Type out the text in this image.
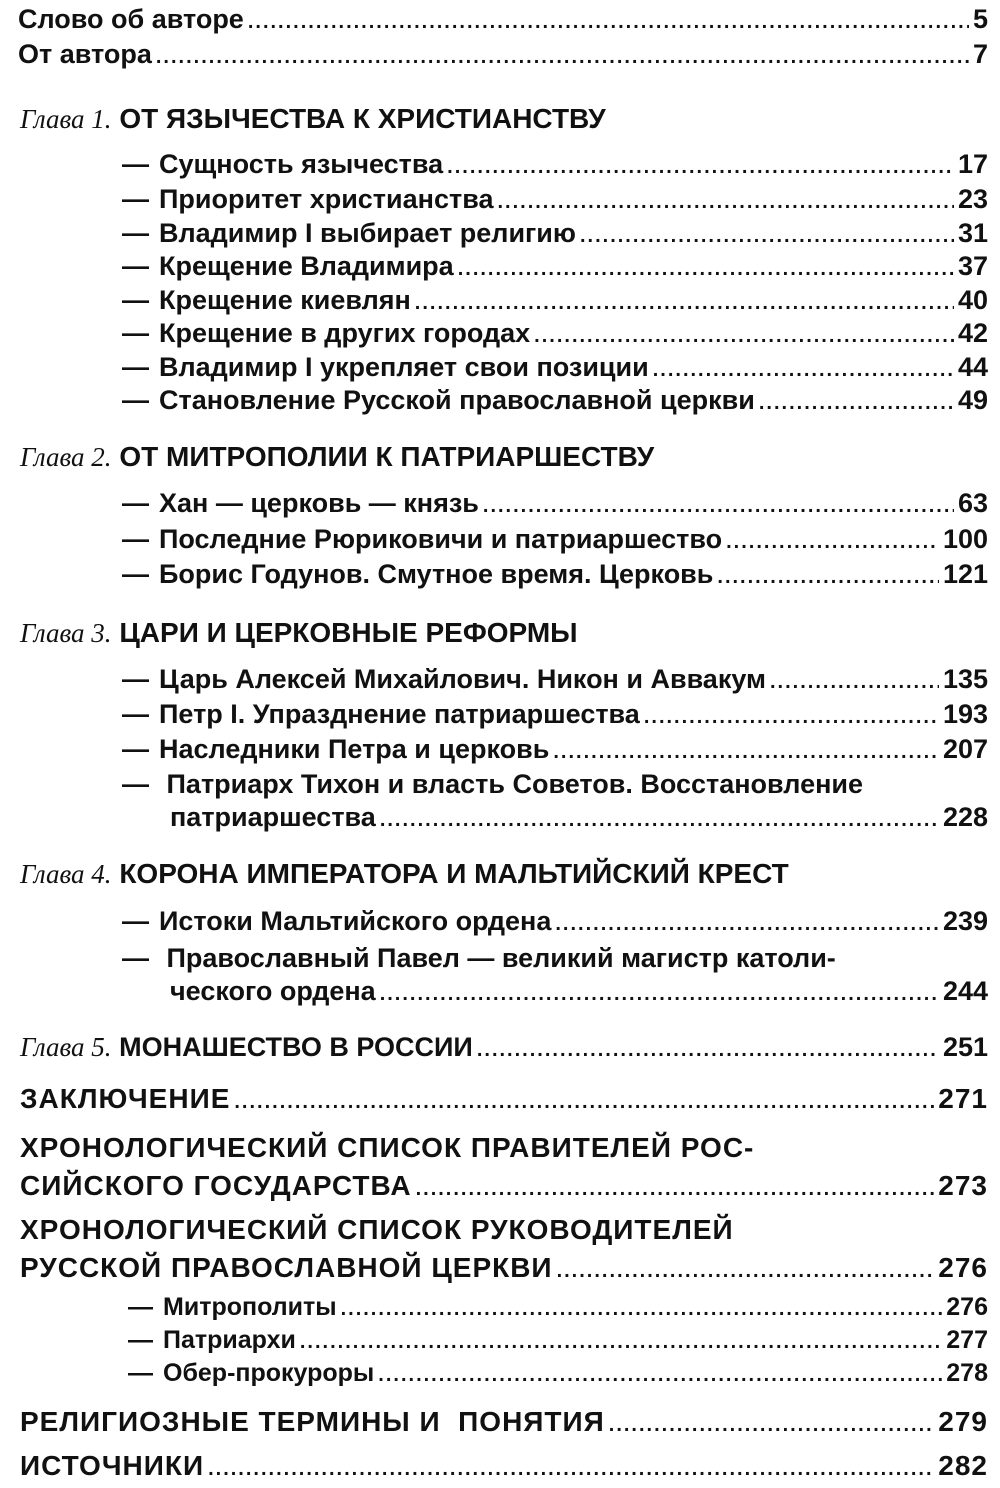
Слово об авторе .....	5
От автора .....	7
Глава 1. ОТ ЯЗЫЧЕСТВА К ХРИСТИАНСТВУ
— Сущность язычества .....	17
— Приоритет христианства .....	23
— Владимир I выбирает религию .....	31
— Крещение Владимира .....	37
— Крещение киевлян .....	40
— Крещение в других городах .....	42
— Владимир I укрепляет свои позиции .....	44
— Становление Русской православной церкви .....	49
Глава 2. ОТ МИТРОПОЛИИ К ПАТРИАРШЕСТВУ
— Хан — церковь — князь .....	63
— Последние Рюриковичи и патриаршество .....	100
— Борис Годунов. Смутное время. Церковь .....	121
Глава 3. ЦАРИ И ЦЕРКОВНЫЕ РЕФОРМЫ
— Царь Алексей Михайлович. Никон и Аввакум .....	135
— Петр I. Упразднение патриаршества .....	193
— Наследники Петра и церковь .....	207
— Патриарх Тихон и власть Советов. Восстановление
патриаршества .....	228
Глава 4. КОРОНА ИМПЕРАТОРА И МАЛЬТИЙСКИЙ КРЕСТ
— Истоки Мальтийского ордена .....	239
— Православный Павел — великий магистр католи-
ческого ордена .....	244
Глава 5. МОНАШЕСТВО В РОССИИ .....	251
ЗАКЛЮЧЕНИЕ .....	271
ХРОНОЛОГИЧЕСКИЙ СПИСОК ПРАВИТЕЛЕЙ РОС-
СИЙСКОГО ГОСУДАРСТВА .....	273
ХРОНОЛОГИЧЕСКИЙ СПИСОК РУКОВОДИТЕЛЕЙ
РУССКОЙ ПРАВОСЛАВНОЙ ЦЕРКВИ .....	276
— Митрополиты .....	276
— Патриархи .....	277
— Обер-прокуроры .....	278
РЕЛИГИОЗНЫЕ ТЕРМИНЫ И  ПОНЯТИЯ .....	279
ИСТОЧНИКИ .....	282
